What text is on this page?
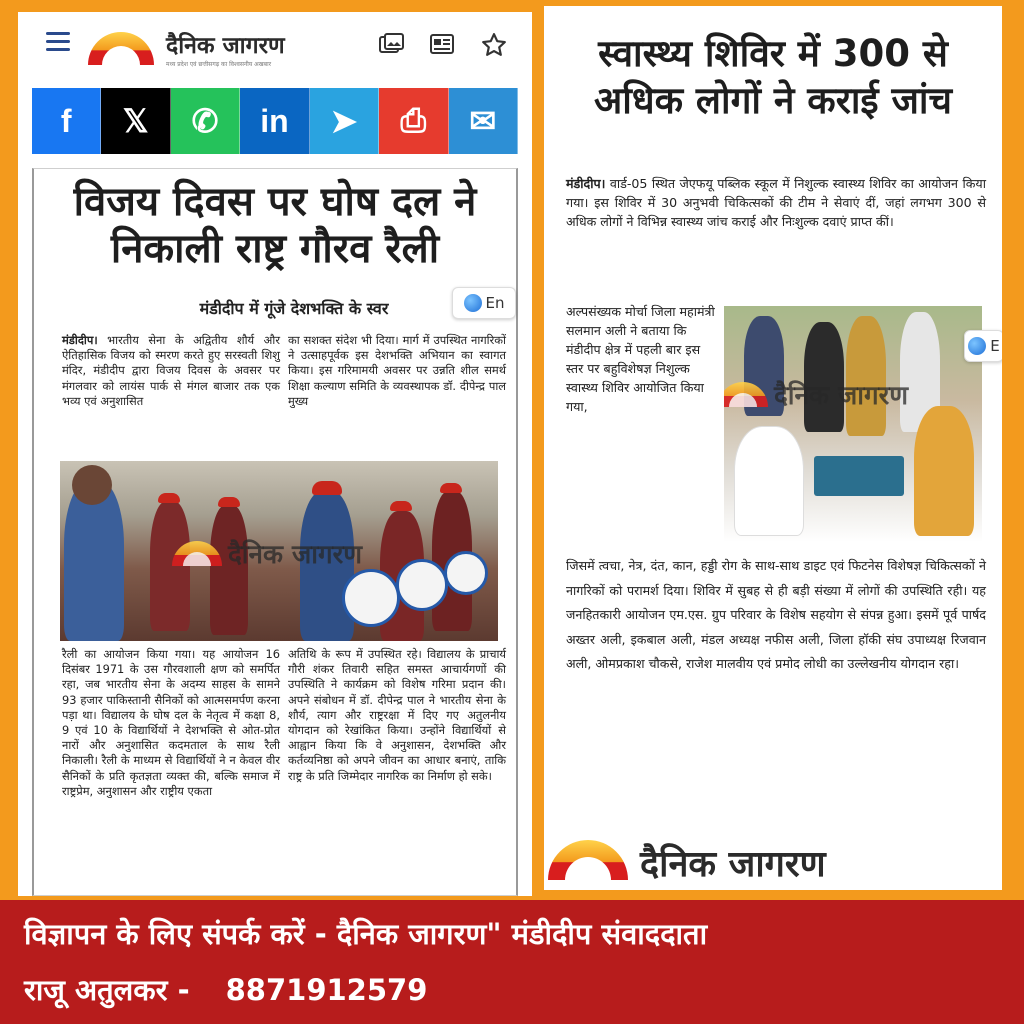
दैनिक जागरण
मध्य प्रदेश एवं छत्तीसगढ़ का विश्वसनीय अखबार
f	𝕏	✆	in	➤	⎙	✉
विजय दिवस पर घोष दल ने निकाली राष्ट्र गौरव रैली
मंडीदीप में गूंजे देशभक्ति के स्वर	En
मंडीदीप। भारतीय सेना के अद्वितीय शौर्य और ऐतिहासिक विजय को स्मरण करते हुए सरस्वती शिशु मंदिर, मंडीदीप द्वारा विजय दिवस के अवसर पर मंगलवार को लायंस पार्क से मंगल बाजार तक एक भव्य एवं अनुशासित
का सशक्त संदेश भी दिया। मार्ग में उपस्थित नागरिकों ने उत्साहपूर्वक इस देशभक्ति अभियान का स्वागत किया। इस गरिमामयी अवसर पर उन्नति शील समर्थ शिक्षा कल्याण समिति के व्यवस्थापक डॉ. दीपेन्द्र पाल मुख्य
दैनिक जागरण
रैली का आयोजन किया गया। यह आयोजन 16 दिसंबर 1971 के उस गौरवशाली क्षण को समर्पित रहा, जब भारतीय सेना के अदम्य साहस के सामने 93 हजार पाकिस्तानी सैनिकों को आत्मसमर्पण करना पड़ा था। विद्यालय के घोष दल के नेतृत्व में कक्षा 8, 9 एवं 10 के विद्यार्थियों ने देशभक्ति से ओत-प्रोत नारों और अनुशासित कदमताल के साथ रैली निकाली। रैली के माध्यम से विद्यार्थियों ने न केवल वीर सैनिकों के प्रति कृतज्ञता व्यक्त की, बल्कि समाज में राष्ट्रप्रेम, अनुशासन और राष्ट्रीय एकता
अतिथि के रूप में उपस्थित रहे। विद्यालय के प्राचार्य गौरी शंकर तिवारी सहित समस्त आचार्यगणों की उपस्थिति ने कार्यक्रम को विशेष गरिमा प्रदान की। अपने संबोधन में डॉ. दीपेन्द्र पाल ने भारतीय सेना के शौर्य, त्याग और राष्ट्ररक्षा में दिए गए अतुलनीय योगदान को रेखांकित किया। उन्होंने विद्यार्थियों से आह्वान किया कि वे अनुशासन, देशभक्ति और कर्तव्यनिष्ठा को अपने जीवन का आधार बनाएं, ताकि राष्ट्र के प्रति जिम्मेदार नागरिक का निर्माण हो सके।
स्वास्थ्य शिविर में 300 से अधिक लोगों ने कराई जांच
मंडीदीप। वार्ड-05 स्थित जेएफयू पब्लिक स्कूल में निशुल्क स्वास्थ्य शिविर का आयोजन किया गया। इस शिविर में 30 अनुभवी चिकित्सकों की टीम ने सेवाएं दीं, जहां लगभग 300 से अधिक लोगों ने विभिन्न स्वास्थ्य जांच कराई और निःशुल्क दवाएं प्राप्त कीं।
अल्पसंख्यक मोर्चा जिला महामंत्री सलमान अली ने बताया कि मंडीदीप क्षेत्र में पहली बार इस स्तर पर बहुविशेषज्ञ निशुल्क स्वास्थ्य शिविर आयोजित किया गया,	दैनिक जागरण
E
जिसमें त्वचा, नेत्र, दंत, कान, हड्डी रोग के साथ-साथ डाइट एवं फिटनेस विशेषज्ञ चिकित्सकों ने नागरिकों को परामर्श दिया। शिविर में सुबह से ही बड़ी संख्या में लोगों की उपस्थिति रही। यह जनहितकारी आयोजन एम.एस. ग्रुप परिवार के विशेष सहयोग से संपन्न हुआ। इसमें पूर्व पार्षद अख्तर अली, इकबाल अली, मंडल अध्यक्ष नफीस अली, जिला हॉकी संघ उपाध्यक्ष रिजवान अली, ओमप्रकाश चौकसे, राजेश मालवीय एवं प्रमोद लोधी का उल्लेखनीय योगदान रहा।
दैनिक जागरण
विज्ञापन के लिए संपर्क करें - दैनिक जागरण" मंडीदीप संवाददाता
राजू अतुलकर - 8871912579
